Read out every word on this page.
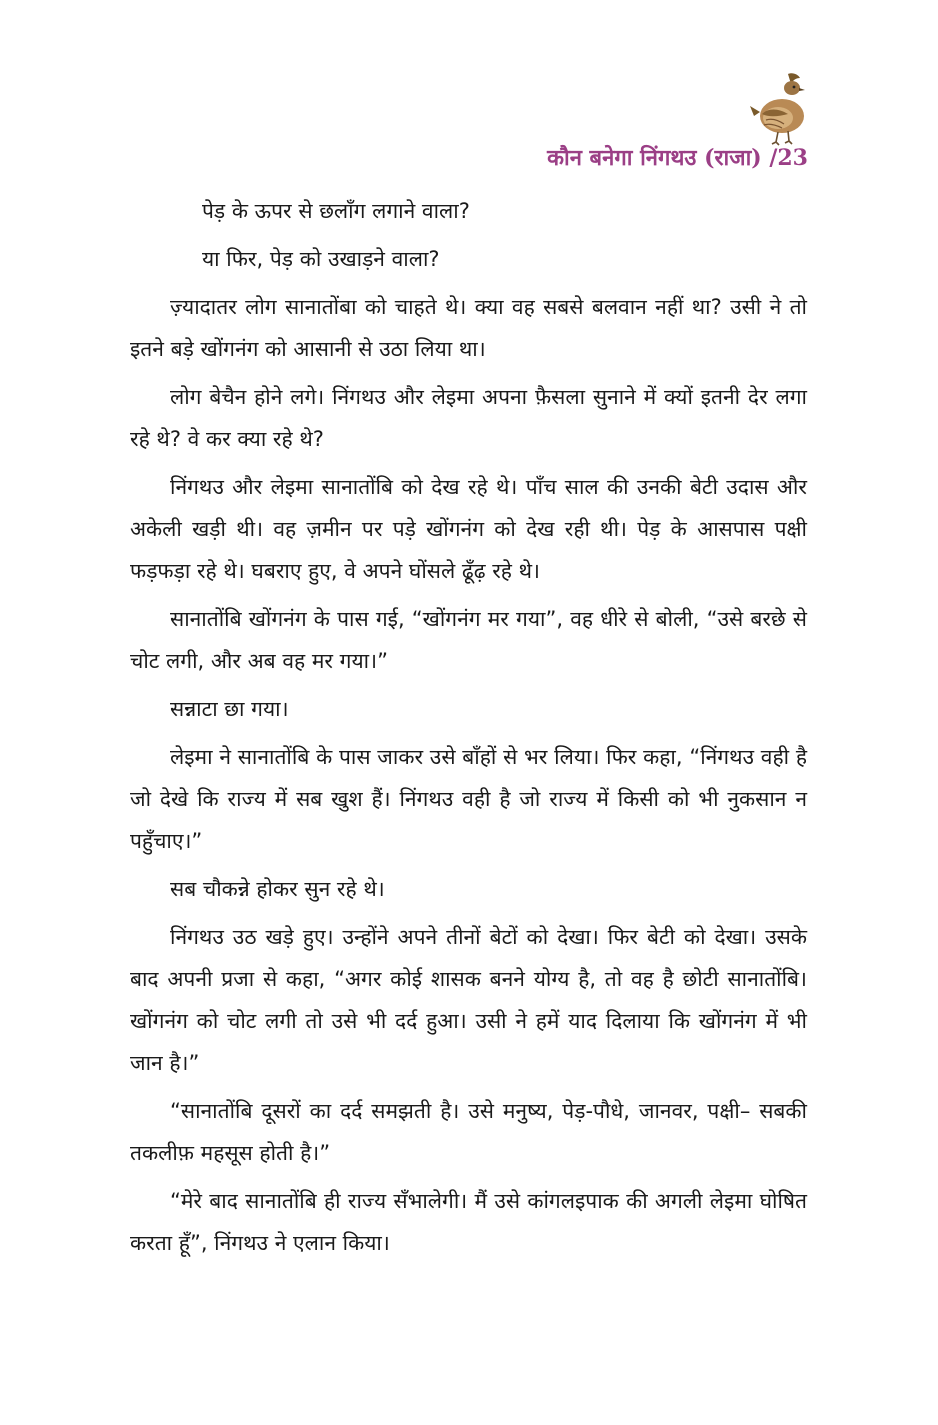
कौन बनेगा निंगथउ (राजा) /23

पेड़ के ऊपर से छलाँग लगाने वाला?

या फिर, पेड़ को उखाड़ने वाला?

ज़्यादातर लोग सानातोंबा को चाहते थे। क्या वह सबसे बलवान नहीं था? उसी ने तो इतने बड़े खोंगनंग को आसानी से उठा लिया था।

लोग बेचैन होने लगे। निंगथउ और लेइमा अपना फ़ैसला सुनाने में क्यों इतनी देर लगा रहे थे? वे कर क्या रहे थे?

निंगथउ और लेइमा सानातोंबि को देख रहे थे। पाँच साल की उनकी बेटी उदास और अकेली खड़ी थी। वह ज़मीन पर पड़े खोंगनंग को देख रही थी। पेड़ के आसपास पक्षी फड़फड़ा रहे थे। घबराए हुए, वे अपने घोंसले ढूँढ़ रहे थे।

सानातोंबि खोंगनंग के पास गई, “खोंगनंग मर गया”, वह धीरे से बोली, “उसे बरछे से चोट लगी, और अब वह मर गया।”

सन्नाटा छा गया।

लेइमा ने सानातोंबि के पास जाकर उसे बाँहों से भर लिया। फिर कहा, “निंगथउ वही है जो देखे कि राज्य में सब खुश हैं। निंगथउ वही है जो राज्य में किसी को भी नुकसान न पहुँचाए।”

सब चौकन्ने होकर सुन रहे थे।

निंगथउ उठ खड़े हुए। उन्होंने अपने तीनों बेटों को देखा। फिर बेटी को देखा। उसके बाद अपनी प्रजा से कहा, “अगर कोई शासक बनने योग्य है, तो वह है छोटी सानातोंबि। खोंगनंग को चोट लगी तो उसे भी दर्द हुआ। उसी ने हमें याद दिलाया कि खोंगनंग में भी जान है।”

“सानातोंबि दूसरों का दर्द समझती है। उसे मनुष्य, पेड़-पौधे, जानवर, पक्षी– सबकी तकलीफ़ महसूस होती है।”

“मेरे बाद सानातोंबि ही राज्य सँभालेगी। मैं उसे कांगलइपाक की अगली लेइमा घोषित करता हूँ”, निंगथउ ने एलान किया।
